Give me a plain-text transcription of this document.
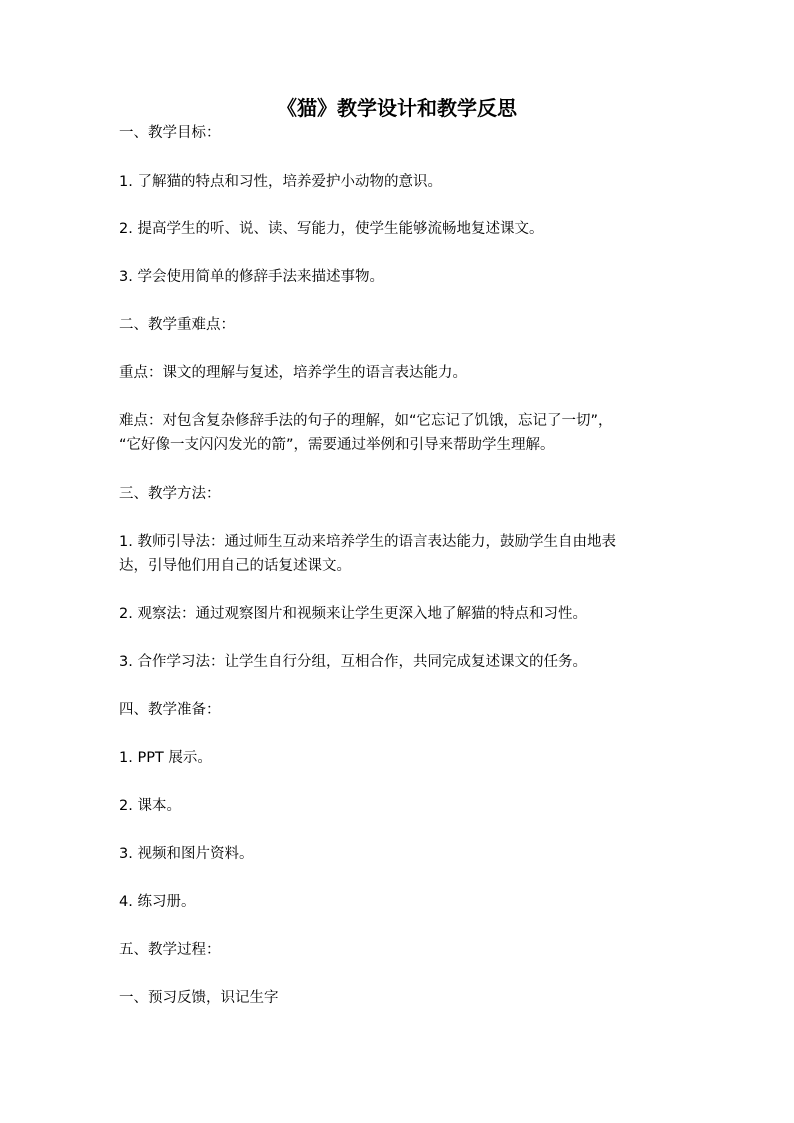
《猫》教学设计和教学反思
一、教学目标：
1. 了解猫的特点和习性，培养爱护小动物的意识。
2. 提高学生的听、说、读、写能力，使学生能够流畅地复述课文。
3. 学会使用简单的修辞手法来描述事物。
二、教学重难点：
重点：课文的理解与复述，培养学生的语言表达能力。
难点：对包含复杂修辞手法的句子的理解，如“它忘记了饥饿，忘记了一切”，
“它好像一支闪闪发光的箭”，需要通过举例和引导来帮助学生理解。
三、教学方法：
1. 教师引导法：通过师生互动来培养学生的语言表达能力，鼓励学生自由地表
达，引导他们用自己的话复述课文。
2. 观察法：通过观察图片和视频来让学生更深入地了解猫的特点和习性。
3. 合作学习法：让学生自行分组，互相合作，共同完成复述课文的任务。
四、教学准备：
1. PPT 展示。
2. 课本。
3. 视频和图片资料。
4. 练习册。
五、教学过程：
一、预习反馈，识记生字
